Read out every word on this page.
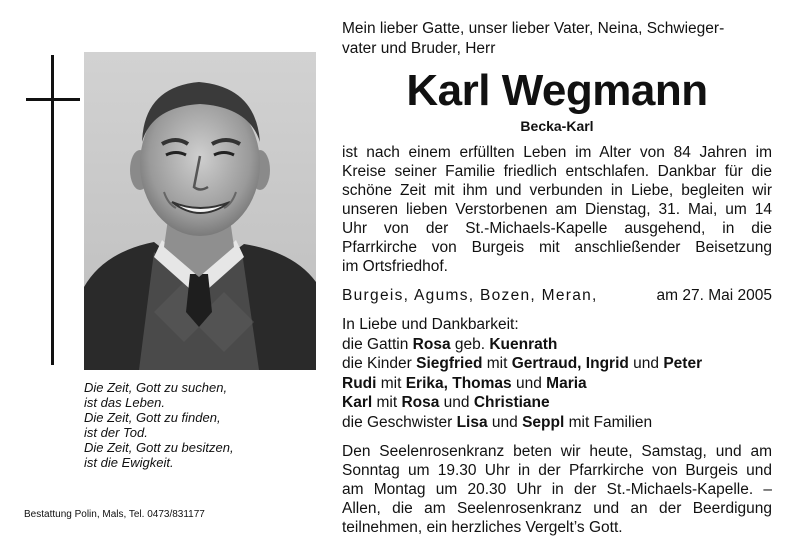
Die Zeit, Gott zu suchen,
ist das Leben.
Die Zeit, Gott zu finden,
ist der Tod.
Die Zeit, Gott zu besitzen,
ist die Ewigkeit.
Bestattung Polin, Mals, Tel. 0473/831177
Mein lieber Gatte, unser lieber Vater, Neina, Schwieger-
vater und Bruder, Herr
Karl Wegmann
Becka-Karl
ist nach einem erfüllten Leben im Alter von 84 Jahren im
Kreise seiner Familie friedlich entschlafen. Dankbar für die
schöne Zeit mit ihm und verbunden in Liebe, begleiten wir
unseren lieben Verstorbenen am Dienstag, 31. Mai, um 14
Uhr von der St.-Michaels-Kapelle ausgehend, in die
Pfarrkirche von Burgeis mit anschließender Beisetzung
im Ortsfriedhof.
Burgeis, Agums, Bozen, Meran,	am 27. Mai 2005
In Liebe und Dankbarkeit:
die Gattin Rosa geb. Kuenrath
die Kinder Siegfried mit Gertraud, Ingrid und Peter
Rudi mit Erika, Thomas und Maria
Karl mit Rosa und Christiane
die Geschwister Lisa und Seppl mit Familien
Den Seelenrosenkranz beten wir heute, Samstag, und am
Sonntag um 19.30 Uhr in der Pfarrkirche von Burgeis und
am Montag um 20.30 Uhr in der St.-Michaels-Kapelle. –
Allen, die am Seelenrosenkranz und an der Beerdigung
teilnehmen, ein herzliches Vergelt’s Gott.
